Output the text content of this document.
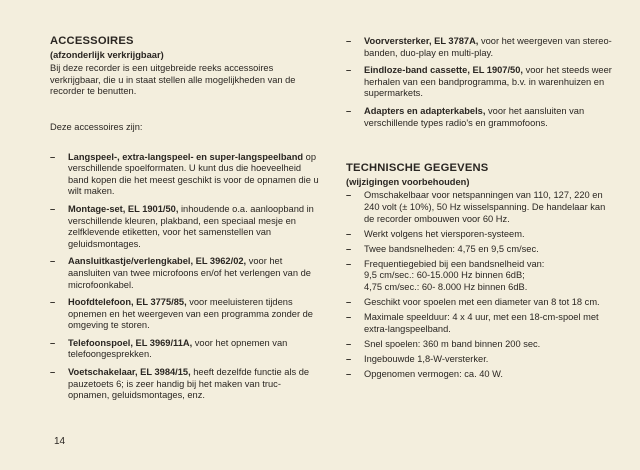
ACCESSOIRES
(afzonderlijk verkrijgbaar)

Bij deze recorder is een uitgebreide reeks accessoires verkrijgbaar, die u in staat stellen alle mogelijkheden van de recorder te benutten.

Deze accessoires zijn:

– Langspeel-, extra-langspeel- en super-langspeelband op verschillende spoelformaten. U kunt dus die hoeveelheid band kopen die het meest geschikt is voor de opnamen die u wilt maken.
– Montage-set, EL 1901/50, inhoudende o.a. aanloopband in verschillende kleuren, plakband, een speciaal mesje en zelfklevende etiketten, voor het samenstellen van geluidsmontages.
– Aansluitkastje/verlengkabel, EL 3962/02, voor het aansluiten van twee microfoons en/of het verlengen van de microfoonkabel.
– Hoofdtelefoon, EL 3775/85, voor meeluisteren tijdens opnemen en het weergeven van een programma zonder de omgeving te storen.
– Telefoonspoel, EL 3969/11A, voor het opnemen van telefoongesprekken.
– Voetschakelaar, EL 3984/15, heeft dezelfde functie als de pauzetoets 6; is zeer handig bij het maken van truc-opnamen, geluidsmontages, enz.
– Voorversterker, EL 3787A, voor het weergeven van stereo-banden, duo-play en multi-play.
– Eindloze-band cassette, EL 1907/50, voor het steeds weer herhalen van een bandprogramma, b.v. in warenhuizen en supermarkets.
– Adapters en adapterkabels, voor het aansluiten van verschillende types radio's en grammofoons.
TECHNISCHE GEGEVENS
(wijzigingen voorbehouden)
– Omschakelbaar voor netspanningen van 110, 127, 220 en 240 volt (± 10%), 50 Hz wisselspanning. De handelaar kan de recorder ombouwen voor 60 Hz.
– Werkt volgens het viersporen-systeem.
– Twee bandsnelheden: 4,75 en 9,5 cm/sec.
– Frequentiegebied bij een bandsnelheid van:
9,5 cm/sec.: 60-15.000 Hz binnen 6dB;
4,75 cm/sec.: 60- 8.000 Hz binnen 6dB.
– Geschikt voor spoelen met een diameter van 8 tot 18 cm.
– Maximale speelduur: 4 x 4 uur, met een 18-cm-spoel met extra-langspeelband.
– Snel spoelen: 360 m band binnen 200 sec.
– Ingebouwde 1,8-W-versterker.
– Opgenomen vermogen: ca. 40 W.
14
